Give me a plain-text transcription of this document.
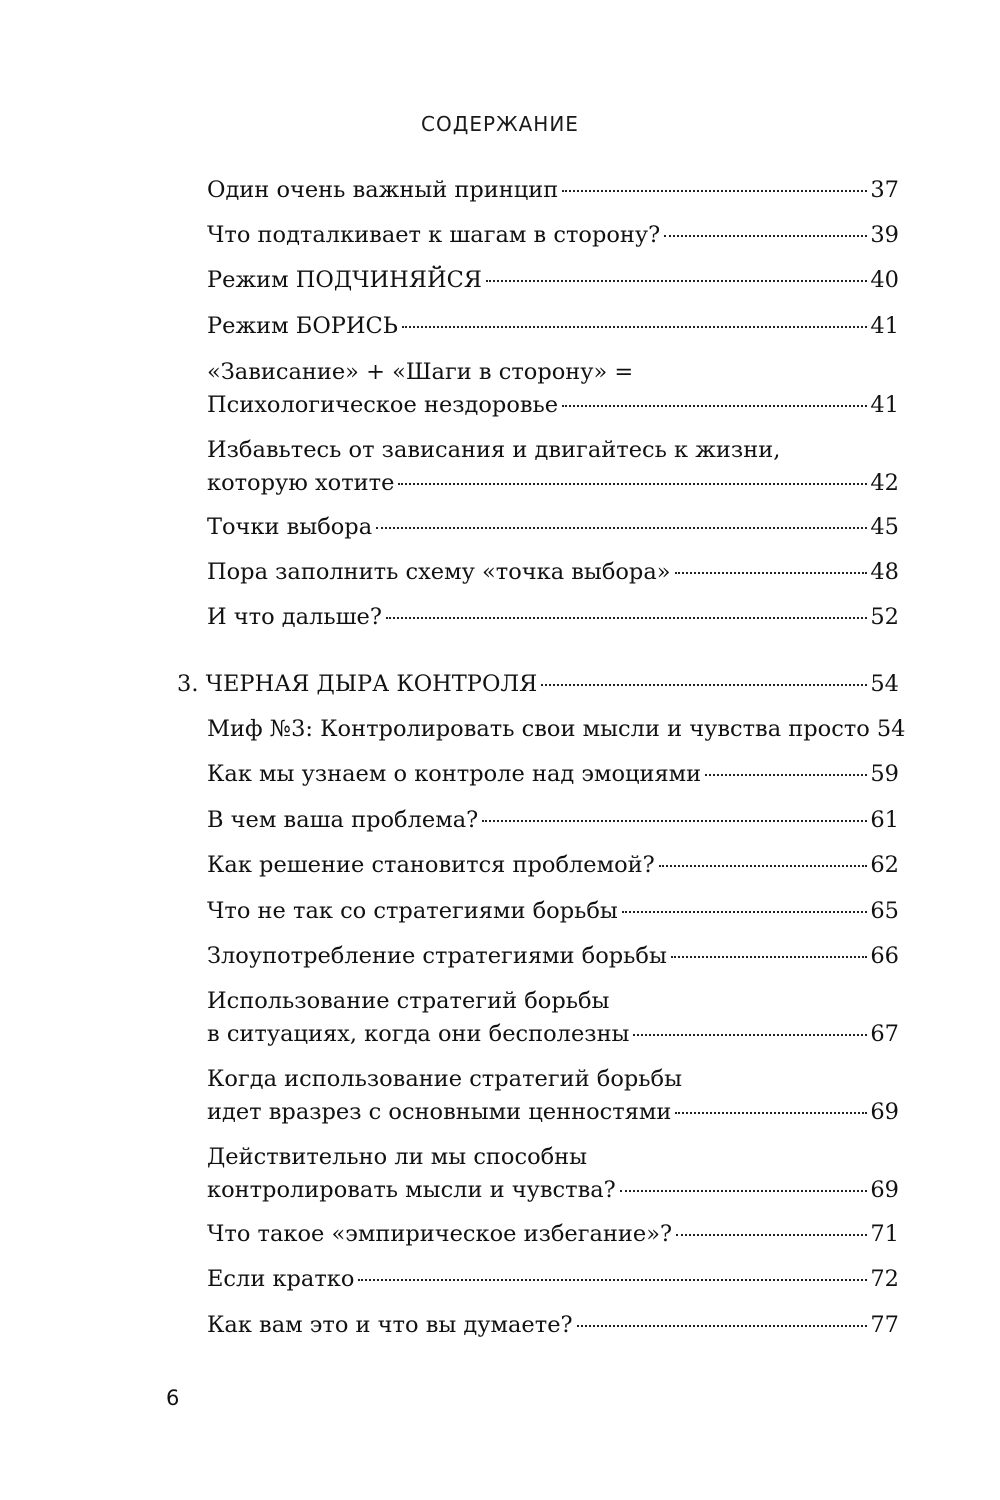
СОДЕРЖАНИЕ
Один очень важный принцип	37
Что подталкивает к шагам в сторону?	39
Режим ПОДЧИНЯЙСЯ	40
Режим БОРИСЬ	41
«Зависание» + «Шаги в сторону» =
Психологическое нездоровье	41
Избавьтесь от зависания и двигайтесь к жизни,
которую хотите	42
Точки выбора	45
Пора заполнить схему «точка выбора»	48
И что дальше?	52
3. ЧЕРНАЯ ДЫРА КОНТРОЛЯ	54
Миф №3: Контролировать свои мысли и чувства просто 54
Как мы узнаем о контроле над эмоциями	59
В чем ваша проблема?	61
Как решение становится проблемой?	62
Что не так со стратегиями борьбы	65
Злоупотребление стратегиями борьбы	66
Использование стратегий борьбы
в ситуациях, когда они бесполезны	67
Когда использование стратегий борьбы
идет вразрез с основными ценностями	69
Действительно ли мы способны
контролировать мысли и чувства?	69
Что такое «эмпирическое избегание»?	71
Если кратко	72
Как вам это и что вы думаете?	77
6
